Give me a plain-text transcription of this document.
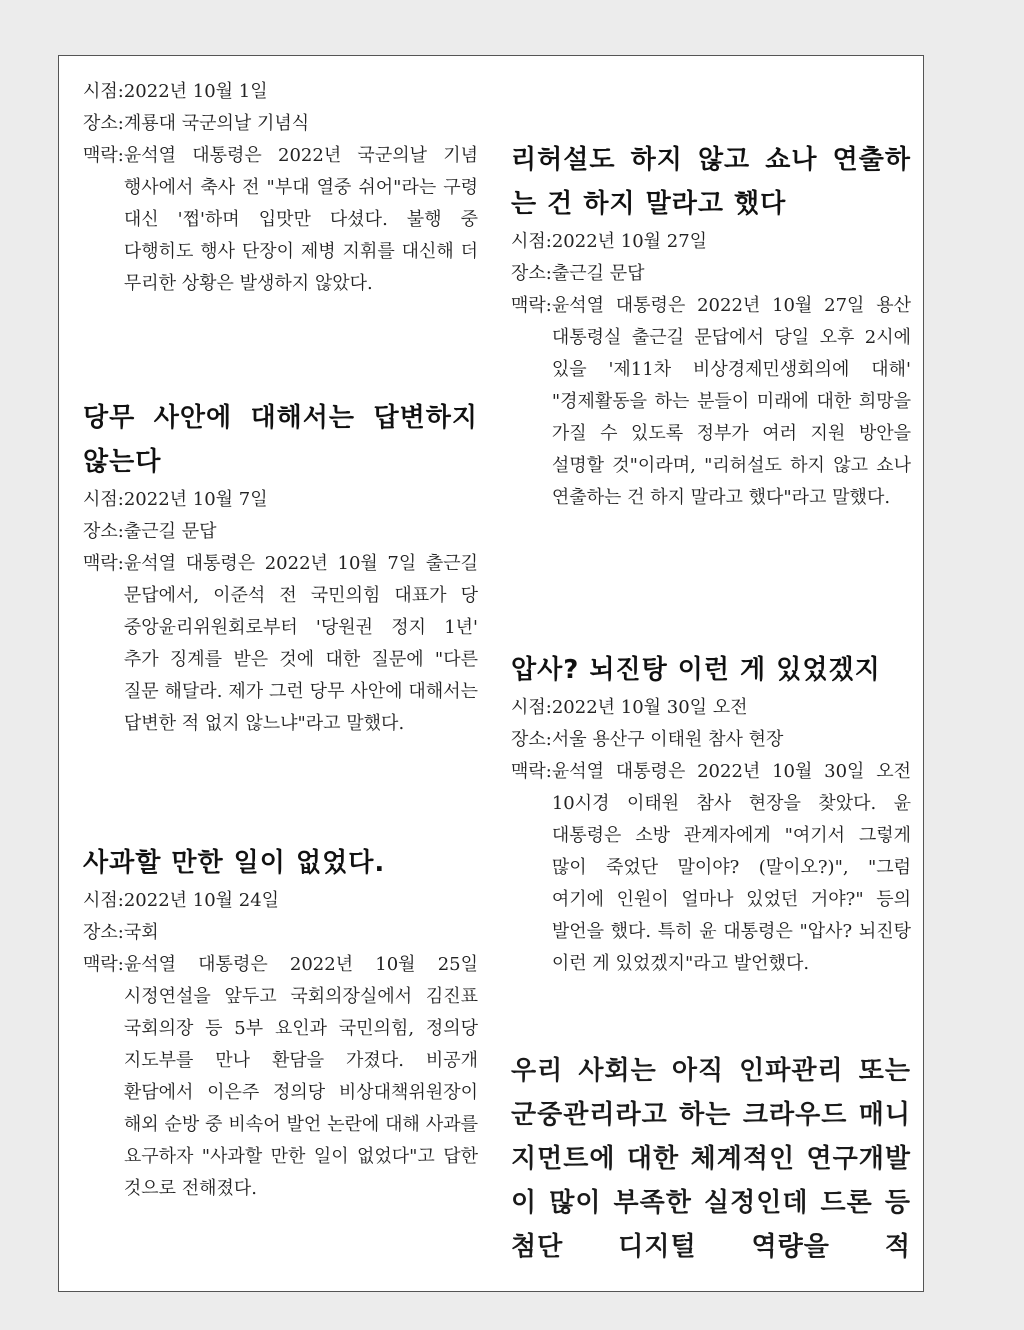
시점: 2022년 10월 1일
장소: 계룡대 국군의날 기념식
맥락: 윤석열 대통령은 2022년 국군의날 기념 행사에서 축사 전 "부대 열중 쉬어"라는 구령 대신 '쩝'하며 입맛만 다셨다. 불행 중 다행히도 행사 단장이 제병 지휘를 대신해 더 무리한 상황은 발생하지 않았다.
당무 사안에 대해서는 답변하지 않는다
시점: 2022년 10월 7일
장소: 출근길 문답
맥락: 윤석열 대통령은 2022년 10월 7일 출근길 문답에서, 이준석 전 국민의힘 대표가 당 중앙윤리위원회로부터 '당원권 정지 1년' 추가 징계를 받은 것에 대한 질문에 "다른 질문 해달라. 제가 그런 당무 사안에 대해서는 답변한 적 없지 않느냐"라고 말했다.
사과할 만한 일이 없었다.
시점: 2022년 10월 24일
장소: 국회
맥락: 윤석열 대통령은 2022년 10월 25일 시정연설을 앞두고 국회의장실에서 김진표 국회의장 등 5부 요인과 국민의힘, 정의당 지도부를 만나 환담을 가졌다. 비공개 환담에서 이은주 정의당 비상대책위원장이 해외 순방 중 비속어 발언 논란에 대해 사과를 요구하자 "사과할 만한 일이 없었다"고 답한 것으로 전해졌다.
리허설도 하지 않고 쇼나 연출하는 건 하지 말라고 했다
시점: 2022년 10월 27일
장소: 출근길 문답
맥락: 윤석열 대통령은 2022년 10월 27일 용산 대통령실 출근길 문답에서 당일 오후 2시에 있을 '제11차 비상경제민생회의에 대해' "경제활동을 하는 분들이 미래에 대한 희망을 가질 수 있도록 정부가 여러 지원 방안을 설명할 것"이라며, "리허설도 하지 않고 쇼나 연출하는 건 하지 말라고 했다"라고 말했다.
압사? 뇌진탕 이런 게 있었겠지
시점: 2022년 10월 30일 오전
장소: 서울 용산구 이태원 참사 현장
맥락: 윤석열 대통령은 2022년 10월 30일 오전 10시경 이태원 참사 현장을 찾았다. 윤 대통령은 소방 관계자에게 "여기서 그렇게 많이 죽었단 말이야? (말이오?)", "그럼 여기에 인원이 얼마나 있었던 거야?" 등의 발언을 했다. 특히 윤 대통령은 "압사? 뇌진탕 이런 게 있었겠지"라고 발언했다.

우리 사회는 아직 인파관리 또는 군중관리라고 하는 크라우드 매니지먼트에 대한 체계적인 연구개발이 많이 부족한 실정인데 드론 등 첨단 디지털 역량을 적
